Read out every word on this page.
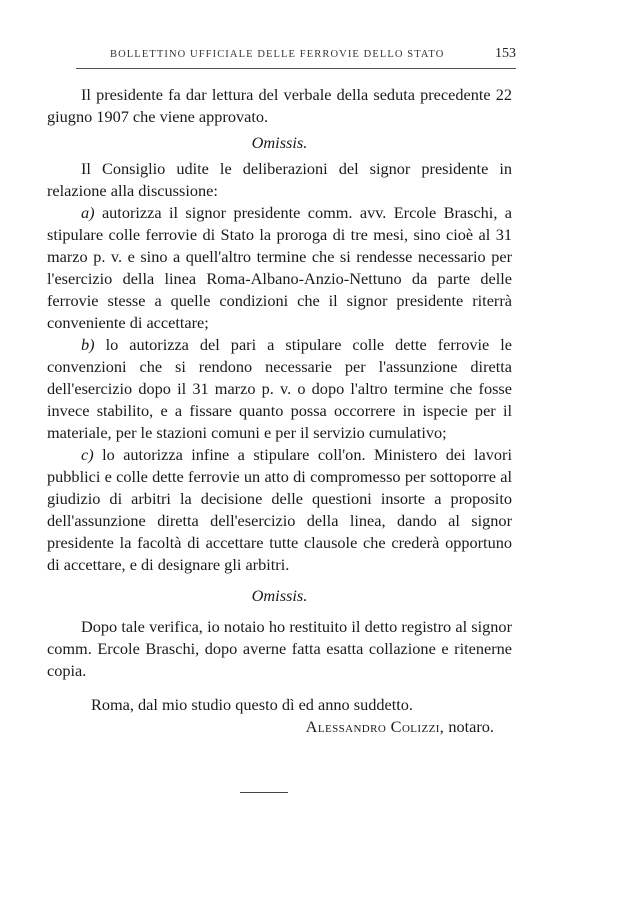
BOLLETTINO UFFICIALE DELLE FERROVIE DELLO STATO	153

Il presidente fa dar lettura del verbale della seduta precedente 22 giugno 1907 che viene approvato.

Omissis.

Il Consiglio udite le deliberazioni del signor presidente in relazione alla discussione:

a) autorizza il signor presidente comm. avv. Ercole Braschi, a stipulare colle ferrovie di Stato la proroga di tre mesi, sino cioè al 31 marzo p. v. e sino a quell'altro termine che si rendesse necessario per l'esercizio della linea Roma-Albano-Anzio-Nettuno da parte delle ferrovie stesse a quelle condizioni che il signor presidente riterrà conveniente di accettare;

b) lo autorizza del pari a stipulare colle dette ferrovie le convenzioni che si rendono necessarie per l'assunzione diretta dell'esercizio dopo il 31 marzo p. v. o dopo l'altro termine che fosse invece stabilito, e a fissare quanto possa occorrere in ispecie per il materiale, per le stazioni comuni e per il servizio cumulativo;

c) lo autorizza infine a stipulare coll'on. Ministero dei lavori pubblici e colle dette ferrovie un atto di compromesso per sottoporre al giudizio di arbitri la decisione delle questioni insorte a proposito dell'assunzione diretta dell'esercizio della linea, dando al signor presidente la facoltà di accettare tutte clausole che crederà opportuno di accettare, e di designare gli arbitri.

Omissis.

Dopo tale verifica, io notaio ho restituito il detto registro al signor comm. Ercole Braschi, dopo averne fatta esatta collazione e ritenerne copia.

Roma, dal mio studio questo dì ed anno suddetto.

Alessandro Colizzi, notaro.
